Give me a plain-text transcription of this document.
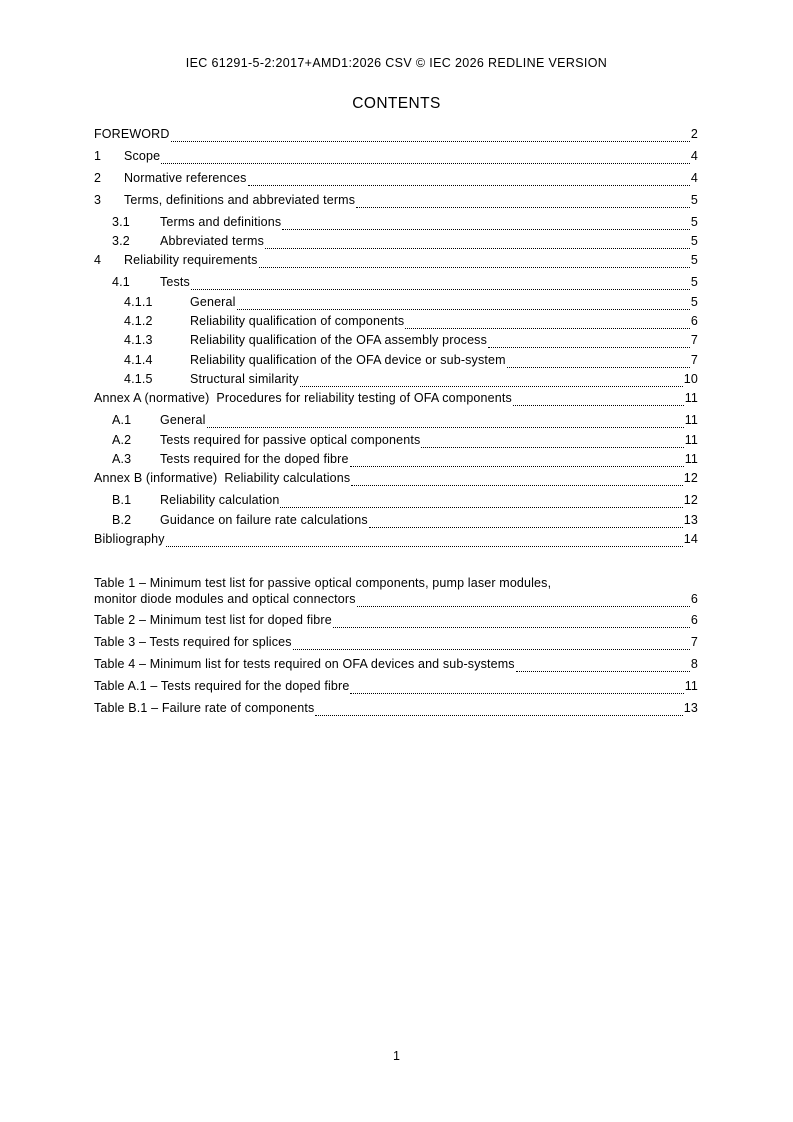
IEC 61291-5-2:2017+AMD1:2026 CSV © IEC 2026 REDLINE VERSION
CONTENTS
FOREWORD	2
1	Scope	4
2	Normative references	4
3	Terms, definitions and abbreviated terms	5
3.1	Terms and definitions	5
3.2	Abbreviated terms	5
4	Reliability requirements	5
4.1	Tests	5
4.1.1	General	5
4.1.2	Reliability qualification of components	6
4.1.3	Reliability qualification of the OFA assembly process	7
4.1.4	Reliability qualification of the OFA device or sub-system	7
4.1.5	Structural similarity	10
Annex A (normative) Procedures for reliability testing of OFA components	11
A.1	General	11
A.2	Tests required for passive optical components	11
A.3	Tests required for the doped fibre	11
Annex B (informative) Reliability calculations	12
B.1	Reliability calculation	12
B.2	Guidance on failure rate calculations	13
Bibliography	14
Table 1 – Minimum test list for passive optical components, pump laser modules,
monitor diode modules and optical connectors	6
Table 2 – Minimum test list for doped fibre	6
Table 3 – Tests required for splices	7
Table 4 – Minimum list for tests required on OFA devices and sub-systems	8
Table A.1 – Tests required for the doped fibre	11
Table B.1 – Failure rate of components	13
1
